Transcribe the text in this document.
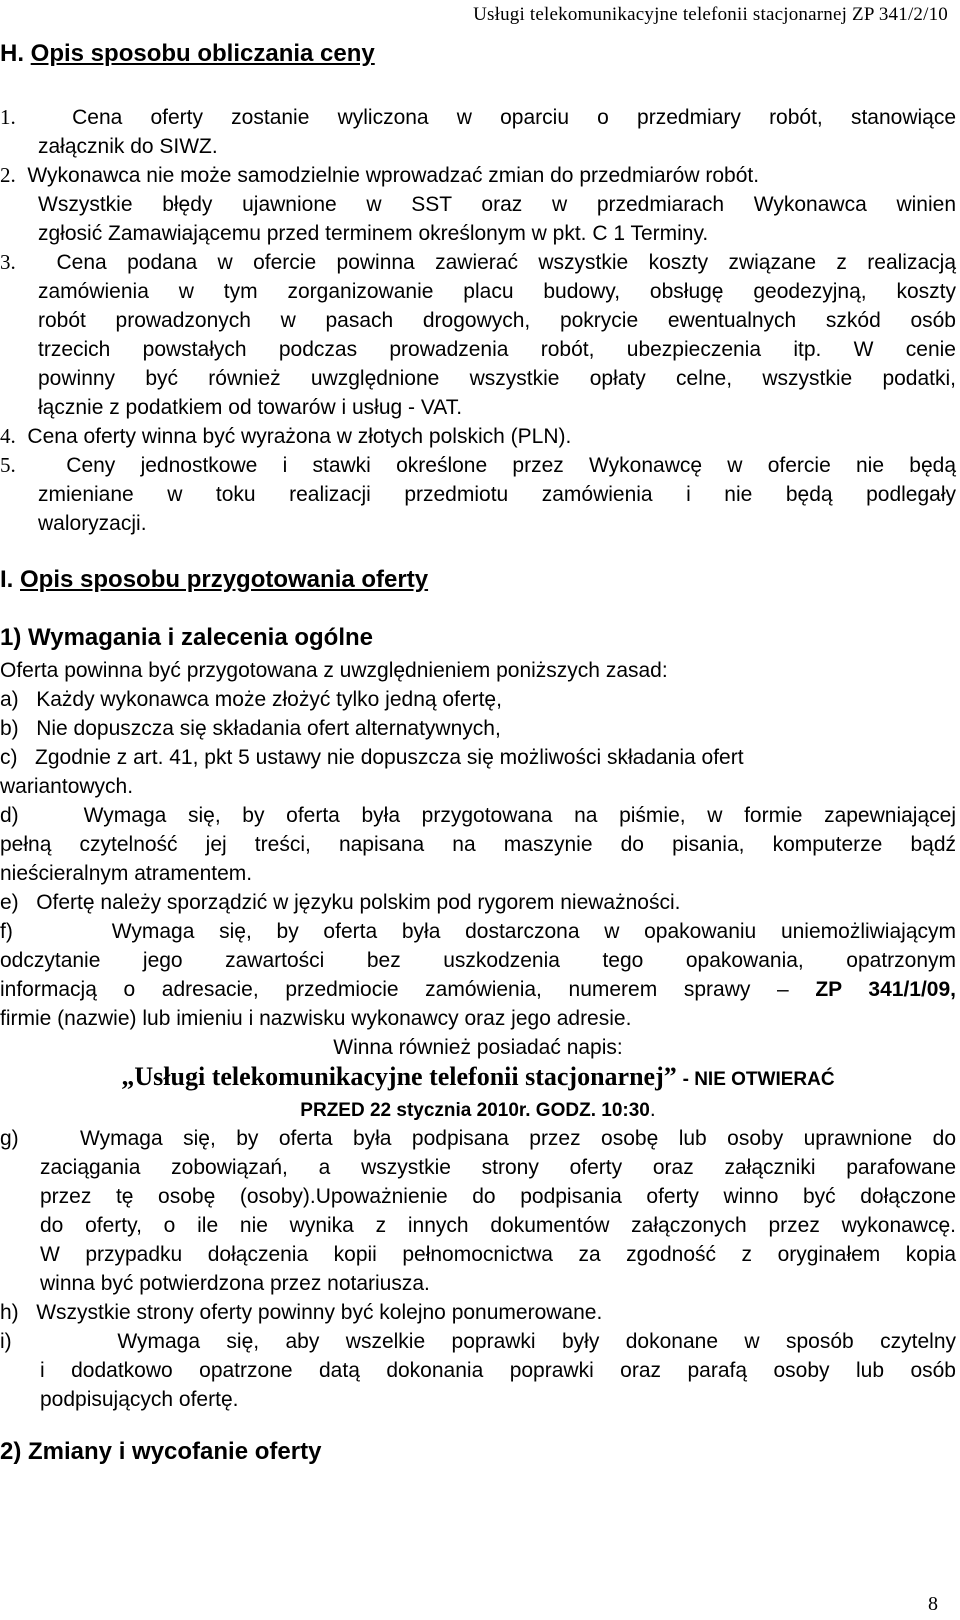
Usługi telekomunikacyjne telefonii stacjonarnej ZP 341/2/10
H. Opis sposobu obliczania ceny
1.	Cena oferty zostanie wyliczona w oparciu o przedmiary robót, stanowiące
załącznik do SIWZ.
2. Wykonawca nie może samodzielnie wprowadzać zmian do przedmiarów robót.
Wszystkie błędy ujawnione w SST oraz w przedmiarach Wykonawca winien
zgłosić Zamawiającemu przed terminem określonym w pkt. C 1 Terminy.
3. Cena podana w ofercie powinna zawierać wszystkie koszty związane z realizacją
zamówienia w tym zorganizowanie placu budowy, obsługę geodezyjną, koszty
robót prowadzonych w pasach drogowych, pokrycie ewentualnych szkód osób
trzecich powstałych podczas prowadzenia robót, ubezpieczenia itp. W cenie
powinny być również uwzględnione wszystkie opłaty celne, wszystkie podatki,
łącznie z podatkiem od towarów i usług - VAT.
4. Cena oferty winna być wyrażona w złotych polskich (PLN).
5. Ceny jednostkowe i stawki określone przez Wykonawcę w ofercie nie będą
zmieniane w toku realizacji przedmiotu zamówienia i nie będą podlegały
waloryzacji.
I. Opis sposobu przygotowania oferty
1) Wymagania i zalecenia ogólne
Oferta powinna być przygotowana z uwzględnieniem poniższych zasad:
a) Każdy wykonawca może złożyć tylko jedną ofertę,
b) Nie dopuszcza się składania ofert alternatywnych,
c) Zgodnie z art. 41, pkt 5 ustawy nie dopuszcza się możliwości składania ofert
wariantowych.
d)	Wymaga się, by oferta była przygotowana na piśmie, w formie zapewniającej
pełną czytelność jej treści, napisana na maszynie do pisania, komputerze bądź
nieścieralnym atramentem.
e) Ofertę należy sporządzić w języku polskim pod rygorem nieważności.
f)	Wymaga się, by oferta była dostarczona w opakowaniu uniemożliwiającym
odczytanie jego zawartości bez uszkodzenia tego opakowania, opatrzonym
informacją o adresacie, przedmiocie zamówienia, numerem sprawy – ZP 341/1/09,
firmie (nazwie) lub imieniu i nazwisku wykonawcy oraz jego adresie.
Winna również posiadać napis:
„Usługi telekomunikacyjne telefonii stacjonarnej” - NIE OTWIERAĆ
PRZED 22 stycznia 2010r. GODZ. 10:30.
g)	Wymaga się, by oferta była podpisana przez osobę lub osoby uprawnione do
zaciągania zobowiązań, a wszystkie strony oferty oraz załączniki parafowane
przez tę osobę (osoby).Upoważnienie do podpisania oferty winno być dołączone
do oferty, o ile nie wynika z innych dokumentów załączonych przez wykonawcę.
W przypadku dołączenia kopii pełnomocnictwa za zgodność z oryginałem kopia
winna być potwierdzona przez notariusza.
h) Wszystkie strony oferty powinny być kolejno ponumerowane.
i)	Wymaga się, aby wszelkie poprawki były dokonane w sposób czytelny
i dodatkowo opatrzone datą dokonania poprawki oraz parafą osoby lub osób
podpisujących ofertę.
2) Zmiany i wycofanie oferty
8
